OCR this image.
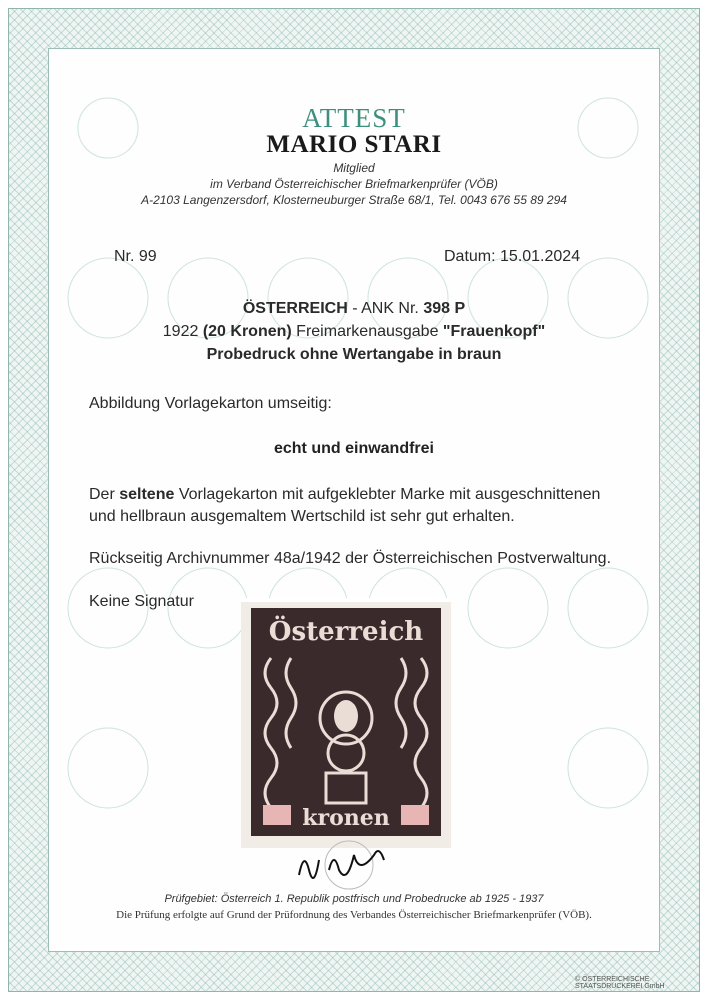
ATTEST
MARIO STARI
Mitglied
im Verband Österreichischer Briefmarkenprüfer (VÖB)
A-2103 Langenzersdorf, Klosterneuburger Straße 68/1, Tel. 0043 676 55 89 294
Nr. 99	Datum: 15.01.2024
ÖSTERREICH - ANK Nr. 398 P
1922 (20 Kronen) Freimarkenausgabe "Frauenkopf"
Probedruck ohne Wertangabe in braun
Abbildung Vorlagekarton umseitig:
echt und einwandfrei
Der seltene Vorlagekarton mit aufgeklebter Marke mit ausgeschnittenen
und hellbraun ausgemaltem Wertschild ist sehr gut erhalten.
Rückseitig Archivnummer 48a/1942 der Österreichischen Postverwaltung.
Keine Signatur
Österreich
kronen
Prüfgebiet: Österreich 1. Republik postfrisch und Probedrucke ab 1925 - 1937
Die Prüfung erfolgte auf Grund der Prüfordnung des Verbandes Österreichischer Briefmarkenprüfer (VÖB).
© ÖSTERREICHISCHE STAATSDRUCKEREI GmbH
